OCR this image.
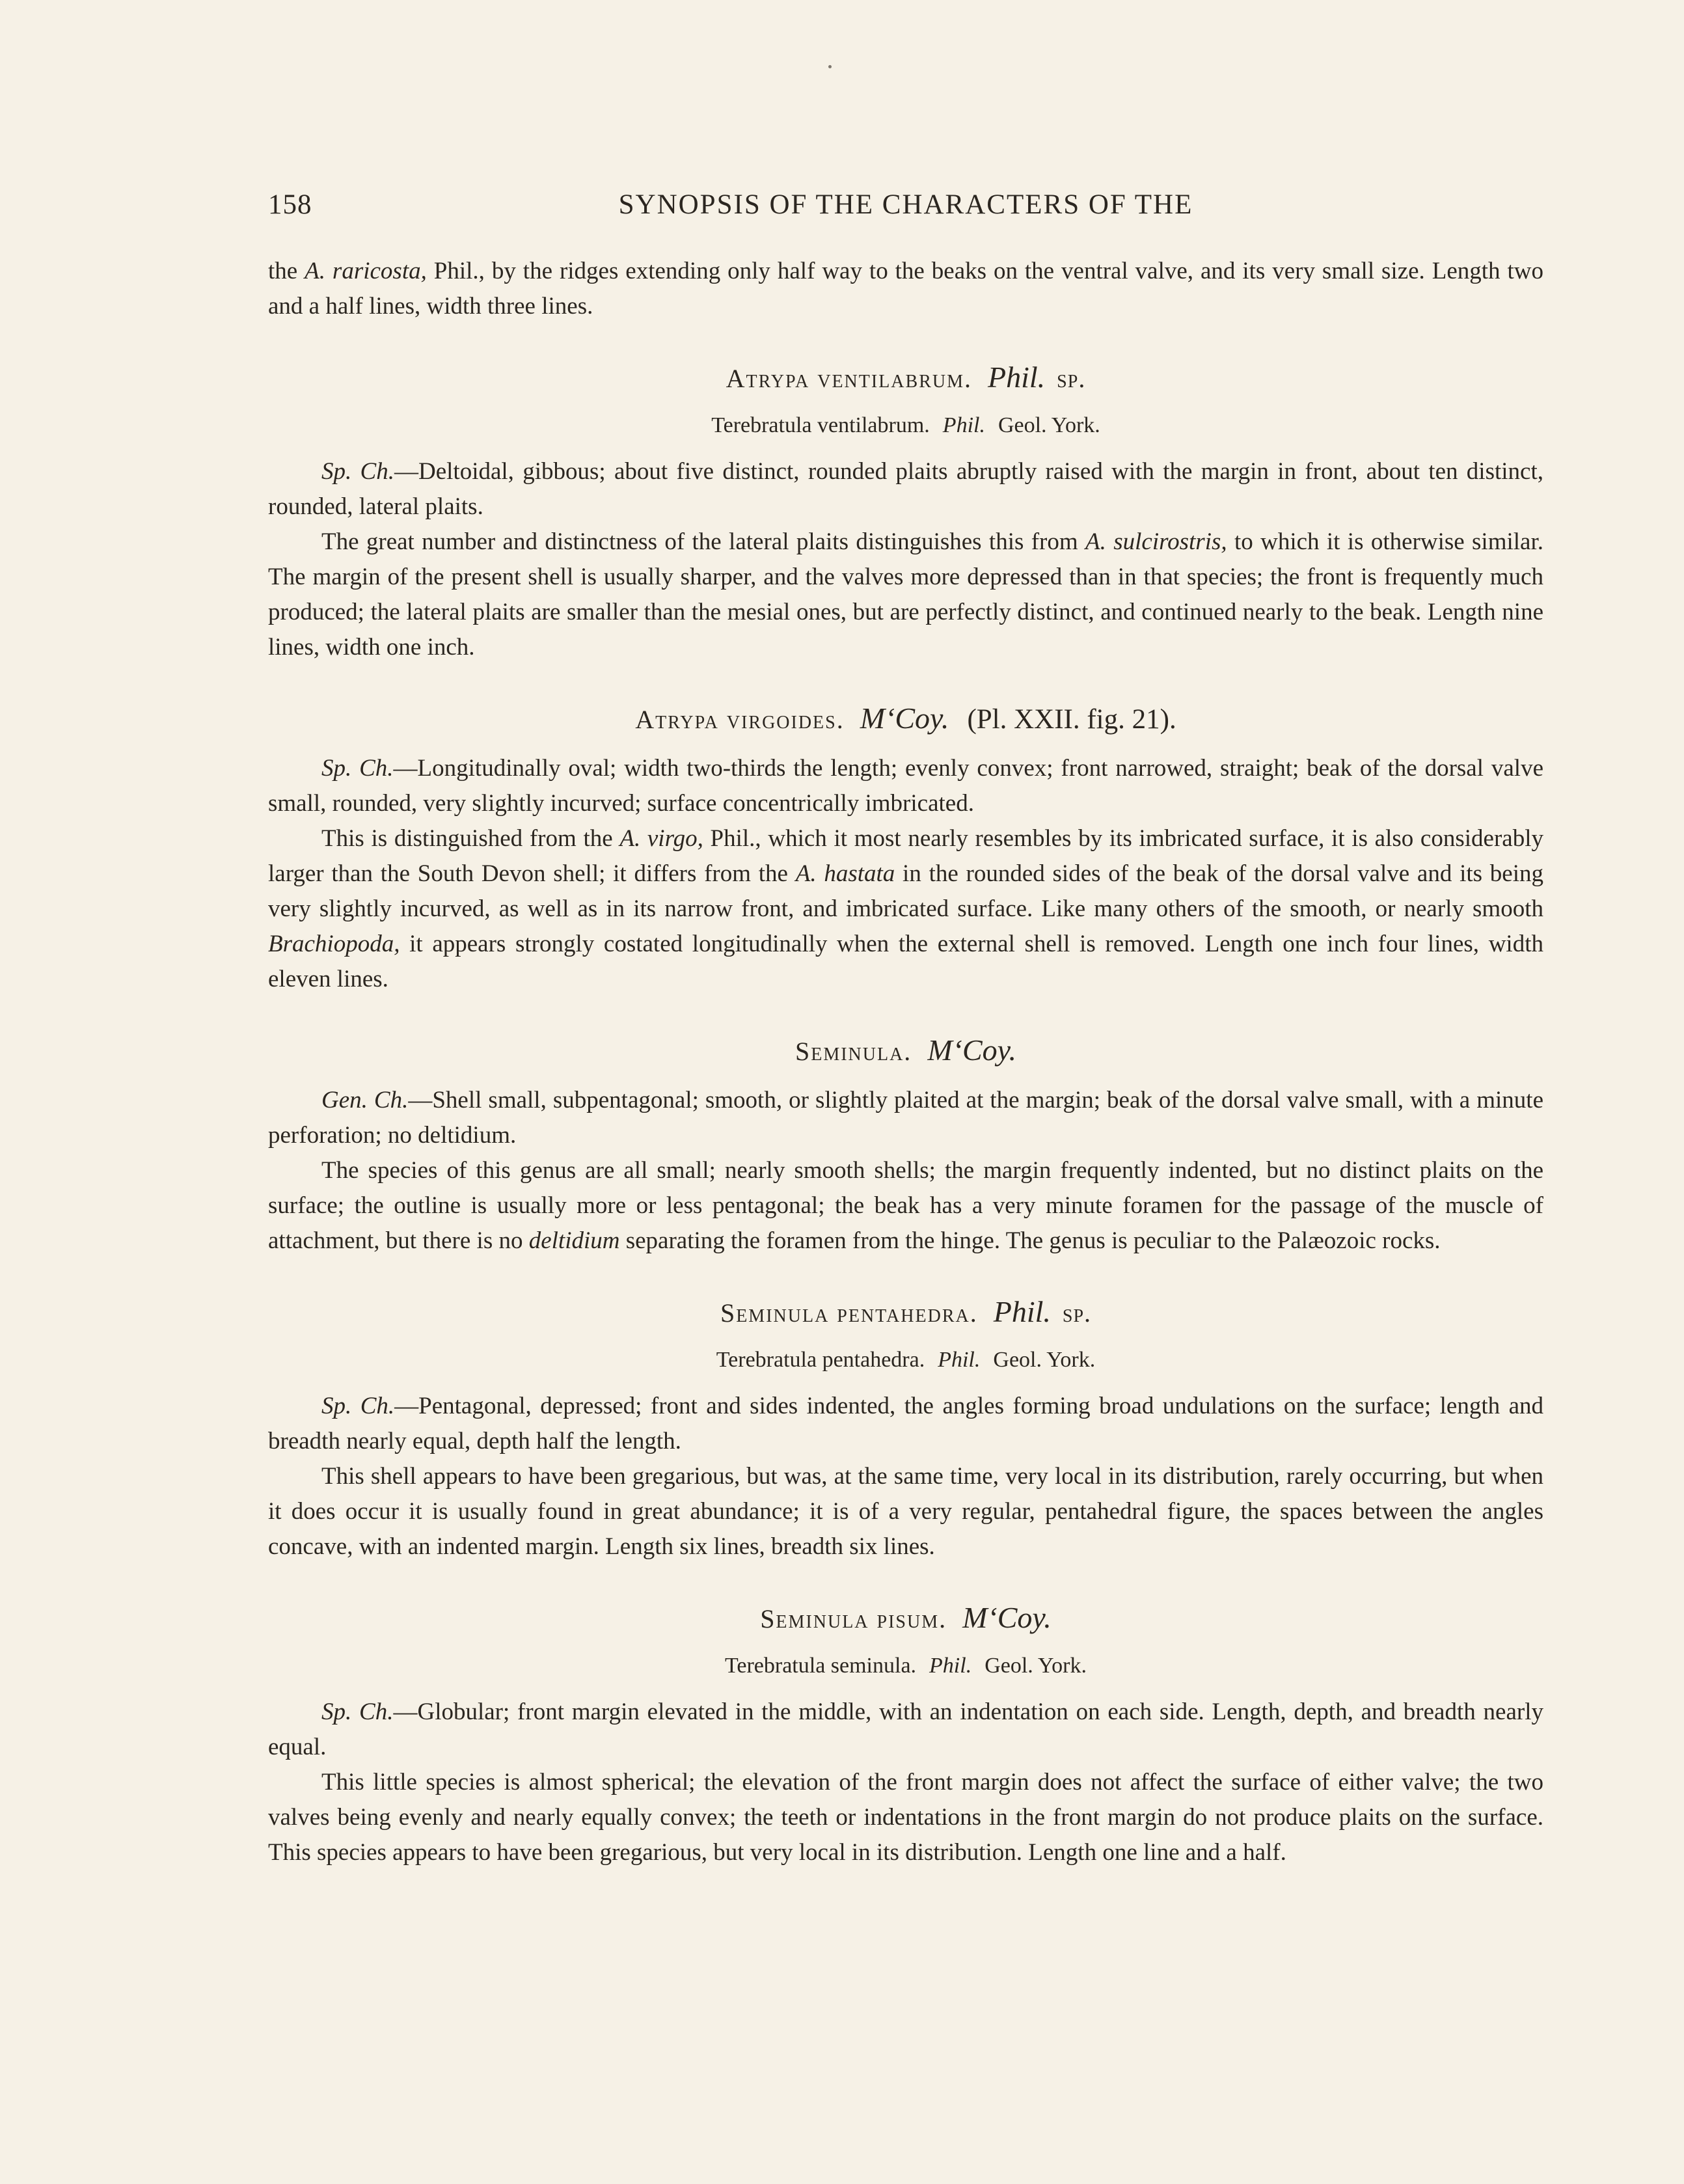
158	SYNOPSIS OF THE CHARACTERS OF THE

the A. raricosta, Phil., by the ridges extending only half way to the beaks on the ventral valve, and its very small size. Length two and a half lines, width three lines.

Atrypa ventilabrum. Phil. sp.
Terebratula ventilabrum. Phil. Geol. York.

Sp. Ch.—Deltoidal, gibbous; about five distinct, rounded plaits abruptly raised with the margin in front, about ten distinct, rounded, lateral plaits.

The great number and distinctness of the lateral plaits distinguishes this from A. sulcirostris, to which it is otherwise similar. The margin of the present shell is usually sharper, and the valves more depressed than in that species; the front is frequently much produced; the lateral plaits are smaller than the mesial ones, but are perfectly distinct, and continued nearly to the beak. Length nine lines, width one inch.

Atrypa virgoides. M‘Coy. (Pl. XXII. fig. 21).

Sp. Ch.—Longitudinally oval; width two-thirds the length; evenly convex; front narrowed, straight; beak of the dorsal valve small, rounded, very slightly incurved; surface concentrically imbricated.

This is distinguished from the A. virgo, Phil., which it most nearly resembles by its imbricated surface, it is also considerably larger than the South Devon shell; it differs from the A. hastata in the rounded sides of the beak of the dorsal valve and its being very slightly incurved, as well as in its narrow front, and imbricated surface. Like many others of the smooth, or nearly smooth Brachiopoda, it appears strongly costated longitudinally when the external shell is removed. Length one inch four lines, width eleven lines.

Seminula. M‘Coy.

Gen. Ch.—Shell small, subpentagonal; smooth, or slightly plaited at the margin; beak of the dorsal valve small, with a minute perforation; no deltidium.

The species of this genus are all small; nearly smooth shells; the margin frequently indented, but no distinct plaits on the surface; the outline is usually more or less pentagonal; the beak has a very minute foramen for the passage of the muscle of attachment, but there is no deltidium separating the foramen from the hinge. The genus is peculiar to the Palæozoic rocks.

Seminula pentahedra. Phil. sp.
Terebratula pentahedra. Phil. Geol. York.

Sp. Ch.—Pentagonal, depressed; front and sides indented, the angles forming broad undulations on the surface; length and breadth nearly equal, depth half the length.

This shell appears to have been gregarious, but was, at the same time, very local in its distribution, rarely occurring, but when it does occur it is usually found in great abundance; it is of a very regular, pentahedral figure, the spaces between the angles concave, with an indented margin. Length six lines, breadth six lines.

Seminula pisum. M‘Coy.
Terebratula seminula. Phil. Geol. York.

Sp. Ch.—Globular; front margin elevated in the middle, with an indentation on each side. Length, depth, and breadth nearly equal.

This little species is almost spherical; the elevation of the front margin does not affect the surface of either valve; the two valves being evenly and nearly equally convex; the teeth or indentations in the front margin do not produce plaits on the surface. This species appears to have been gregarious, but very local in its distribution. Length one line and a half.
